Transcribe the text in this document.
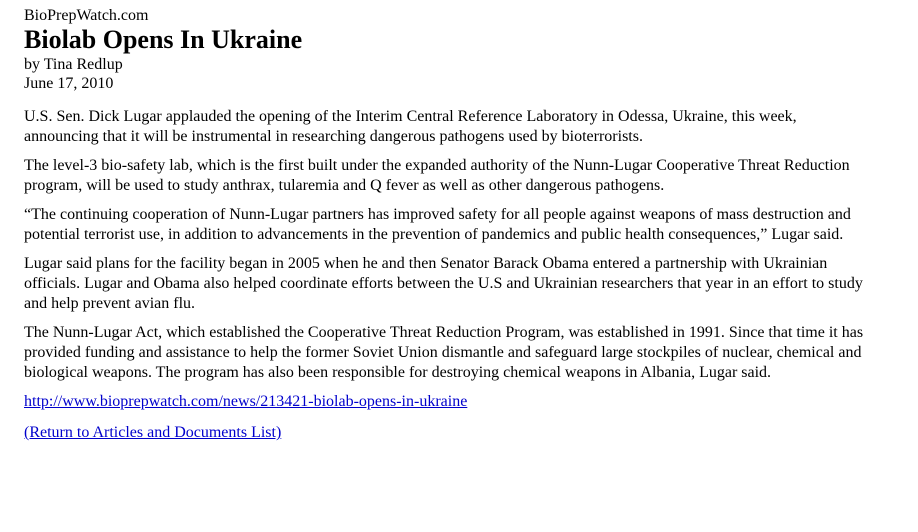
BioPrepWatch.com

Biolab Opens In Ukraine

by Tina Redlup

June 17, 2010

U.S. Sen. Dick Lugar applauded the opening of the Interim Central Reference Laboratory in Odessa, Ukraine, this week, announcing that it will be instrumental in researching dangerous pathogens used by bioterrorists.

The level-3 bio-safety lab, which is the first built under the expanded authority of the Nunn-Lugar Cooperative Threat Reduction program, will be used to study anthrax, tularemia and Q fever as well as other dangerous pathogens.

“The continuing cooperation of Nunn-Lugar partners has improved safety for all people against weapons of mass destruction and potential terrorist use, in addition to advancements in the prevention of pandemics and public health consequences,” Lugar said.

Lugar said plans for the facility began in 2005 when he and then Senator Barack Obama entered a partnership with Ukrainian officials. Lugar and Obama also helped coordinate efforts between the U.S and Ukrainian researchers that year in an effort to study and help prevent avian flu.

The Nunn-Lugar Act, which established the Cooperative Threat Reduction Program, was established in 1991. Since that time it has provided funding and assistance to help the former Soviet Union dismantle and safeguard large stockpiles of nuclear, chemical and biological weapons. The program has also been responsible for destroying chemical weapons in Albania, Lugar said.

http://www.bioprepwatch.com/news/213421-biolab-opens-in-ukraine

(Return to Articles and Documents List)
